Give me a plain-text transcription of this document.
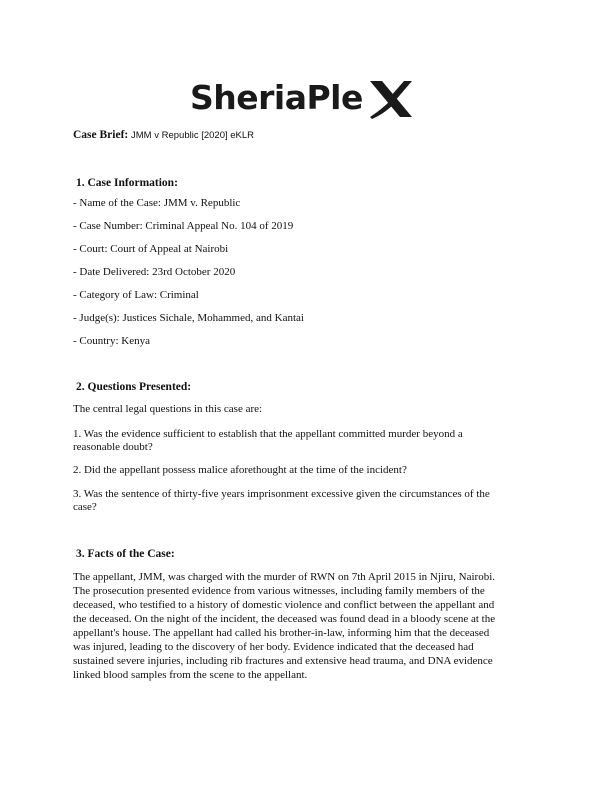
SheriaPle
Case Brief: JMM v Republic [2020] eKLR
1. Case Information:
- Name of the Case: JMM v. Republic
- Case Number: Criminal Appeal No. 104 of 2019
- Court: Court of Appeal at Nairobi
- Date Delivered: 23rd October 2020
- Category of Law: Criminal
- Judge(s): Justices Sichale, Mohammed, and Kantai
- Country: Kenya
2. Questions Presented:
The central legal questions in this case are:
1. Was the evidence sufficient to establish that the appellant committed murder beyond a
reasonable doubt?
2. Did the appellant possess malice aforethought at the time of the incident?
3. Was the sentence of thirty-five years imprisonment excessive given the circumstances of the
case?
3. Facts of the Case:
The appellant, JMM, was charged with the murder of RWN on 7th April 2015 in Njiru, Nairobi.
The prosecution presented evidence from various witnesses, including family members of the
deceased, who testified to a history of domestic violence and conflict between the appellant and
the deceased. On the night of the incident, the deceased was found dead in a bloody scene at the
appellant's house. The appellant had called his brother-in-law, informing him that the deceased
was injured, leading to the discovery of her body. Evidence indicated that the deceased had
sustained severe injuries, including rib fractures and extensive head trauma, and DNA evidence
linked blood samples from the scene to the appellant.
